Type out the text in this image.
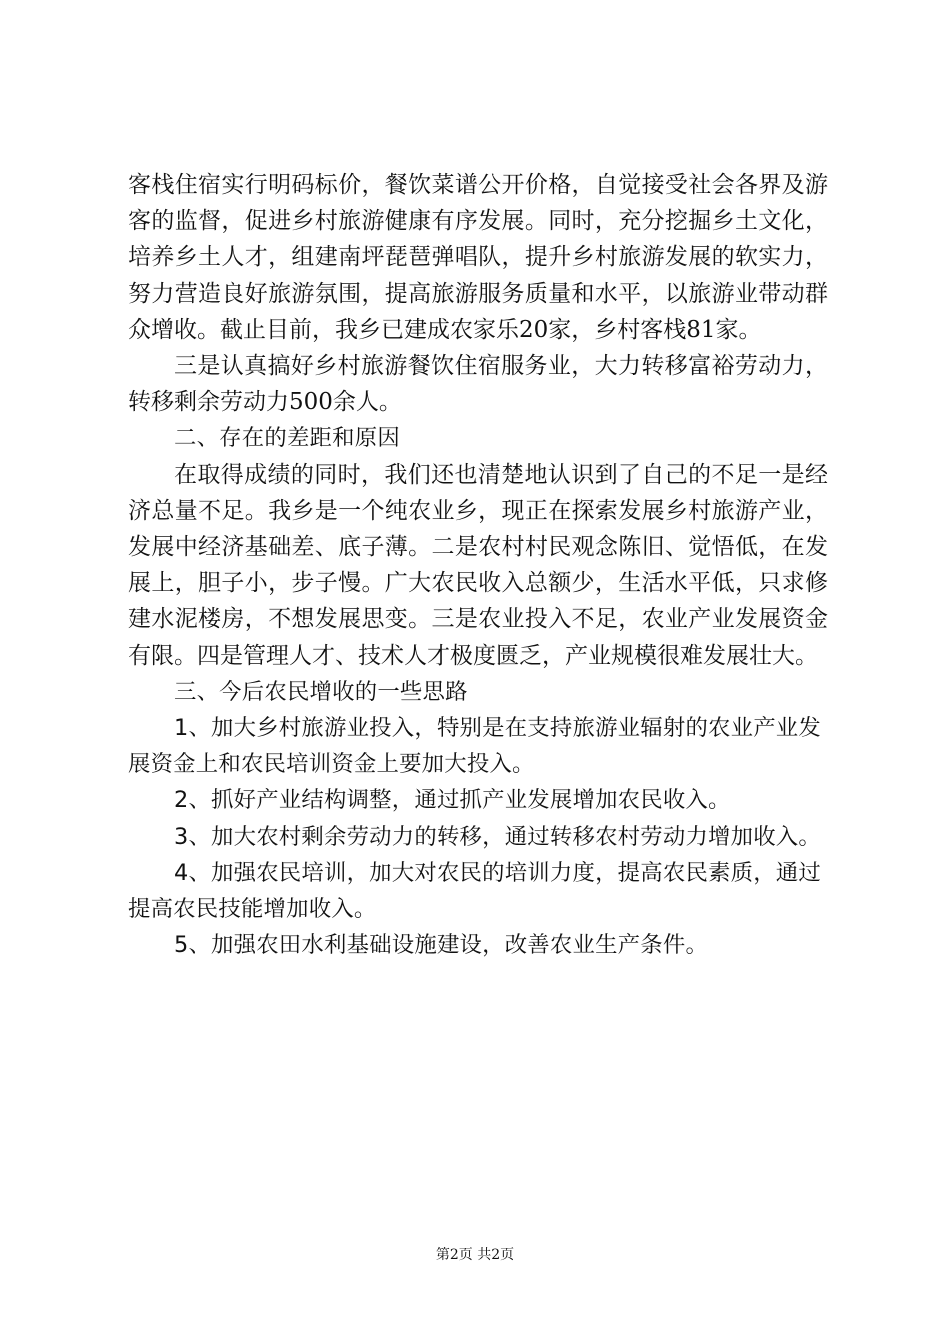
客栈住宿实行明码标价，餐饮菜谱公开价格，自觉接受社会各界及游客的监督，促进乡村旅游健康有序发展。同时，充分挖掘乡土文化，培养乡土人才，组建南坪琵琶弹唱队，提升乡村旅游发展的软实力，努力营造良好旅游氛围，提高旅游服务质量和水平，以旅游业带动群众增收。截止目前，我乡已建成农家乐20家，乡村客栈81家。

三是认真搞好乡村旅游餐饮住宿服务业，大力转移富裕劳动力，转移剩余劳动力500余人。

二、存在的差距和原因

在取得成绩的同时，我们还也清楚地认识到了自己的不足一是经济总量不足。我乡是一个纯农业乡，现正在探索发展乡村旅游产业，发展中经济基础差、底子薄。二是农村村民观念陈旧、觉悟低，在发展上，胆子小，步子慢。广大农民收入总额少，生活水平低，只求修建水泥楼房，不想发展思变。三是农业投入不足，农业产业发展资金有限。四是管理人才、技术人才极度匮乏，产业规模很难发展壮大。

三、今后农民增收的一些思路

1、加大乡村旅游业投入，特别是在支持旅游业辐射的农业产业发展资金上和农民培训资金上要加大投入。

2、抓好产业结构调整，通过抓产业发展增加农民收入。

3、加大农村剩余劳动力的转移，通过转移农村劳动力增加收入。

4、加强农民培训，加大对农民的培训力度，提高农民素质，通过提高农民技能增加收入。

5、加强农田水利基础设施建设，改善农业生产条件。

第2页 共2页
